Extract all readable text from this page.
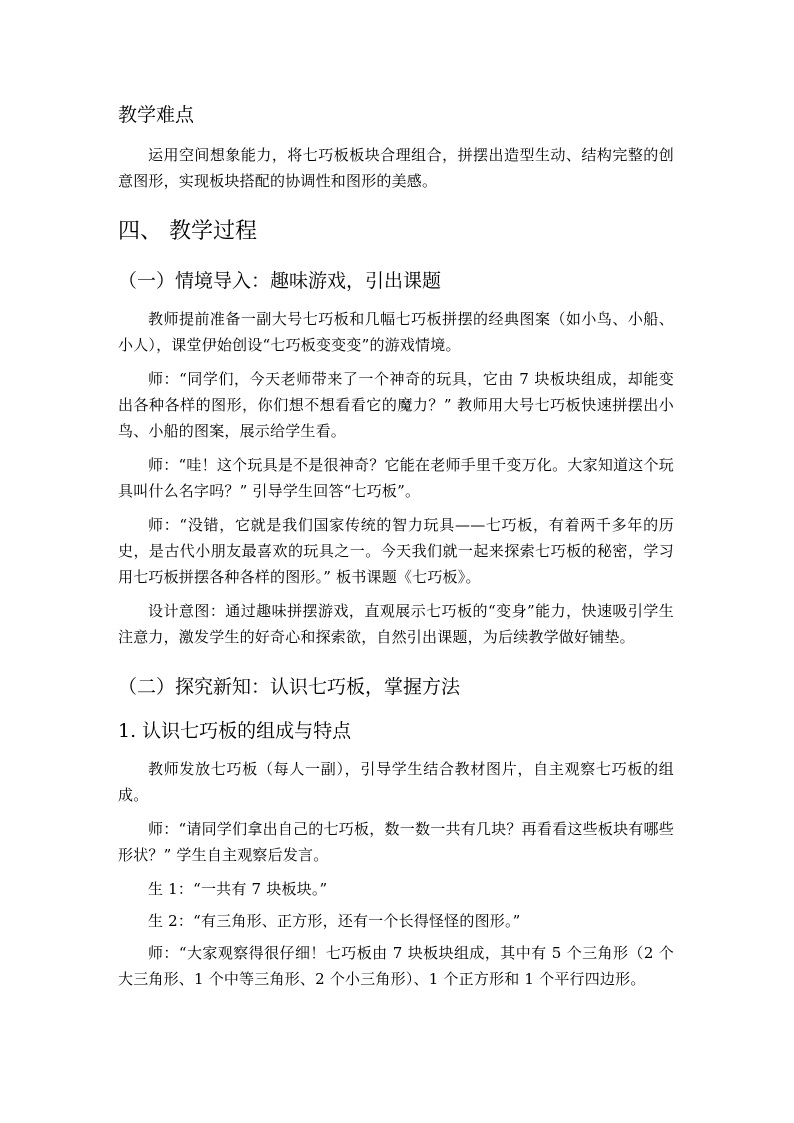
教学难点

运用空间想象能力，将七巧板板块合理组合，拼摆出造型生动、结构完整的创意图形，实现板块搭配的协调性和图形的美感。

四、 教学过程
（一）情境导入：趣味游戏，引出课题

教师提前准备一副大号七巧板和几幅七巧板拼摆的经典图案（如小鸟、小船、小人），课堂伊始创设“七巧板变变变”的游戏情境。

师：“同学们，今天老师带来了一个神奇的玩具，它由 7 块板块组成，却能变出各种各样的图形，你们想不想看看它的魔力？” 教师用大号七巧板快速拼摆出小鸟、小船的图案，展示给学生看。

师：“哇！这个玩具是不是很神奇？它能在老师手里千变万化。大家知道这个玩具叫什么名字吗？” 引导学生回答“七巧板”。

师：“没错，它就是我们国家传统的智力玩具——七巧板，有着两千多年的历史，是古代小朋友最喜欢的玩具之一。今天我们就一起来探索七巧板的秘密，学习用七巧板拼摆各种各样的图形。” 板书课题《七巧板》。

设计意图：通过趣味拼摆游戏，直观展示七巧板的“变身”能力，快速吸引学生注意力，激发学生的好奇心和探索欲，自然引出课题，为后续教学做好铺垫。

（二）探究新知：认识七巧板，掌握方法
1. 认识七巧板的组成与特点

教师发放七巧板（每人一副），引导学生结合教材图片，自主观察七巧板的组成。

师：“请同学们拿出自己的七巧板，数一数一共有几块？再看看这些板块有哪些形状？” 学生自主观察后发言。

生 1：“一共有 7 块板块。”

生 2：“有三角形、正方形，还有一个长得怪怪的图形。”

师：“大家观察得很仔细！七巧板由 7 块板块组成，其中有 5 个三角形（2 个大三角形、1 个中等三角形、2 个小三角形）、1 个正方形和 1 个平行四边形。
